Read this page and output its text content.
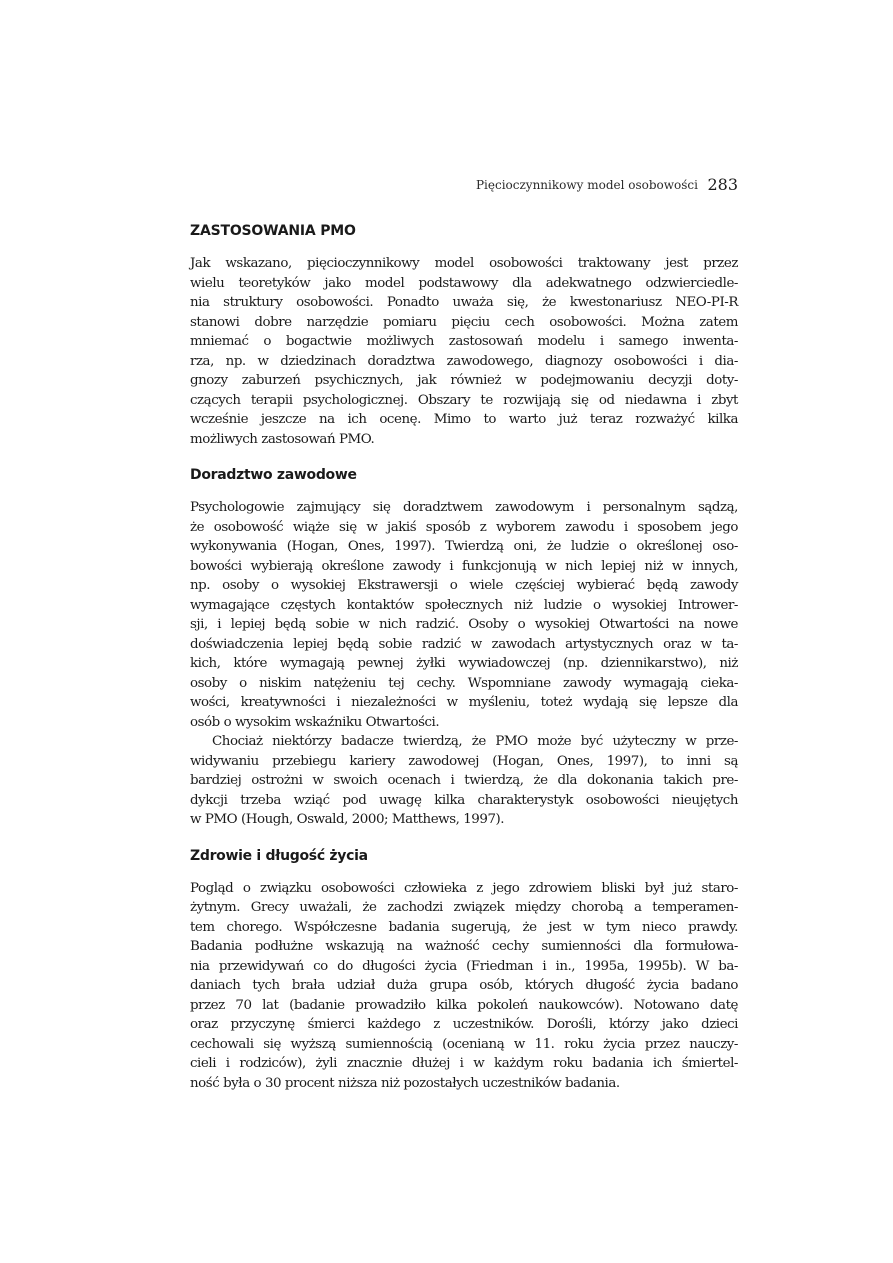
Pięcioczynnikowy model osobowości 283
ZASTOSOWANIA PMO
Jak wskazano, pięcioczynnikowy model osobowości traktowany jest przez
wielu teoretyków jako model podstawowy dla adekwatnego odzwierciedle-
nia struktury osobowości. Ponadto uważa się, że kwestonariusz NEO-PI-R
stanowi dobre narzędzie pomiaru pięciu cech osobowości. Można zatem
mniemać o bogactwie możliwych zastosowań modelu i samego inwenta-
rza, np. w dziedzinach doradztwa zawodowego, diagnozy osobowości i dia-
gnozy zaburzeń psychicznych, jak również w podejmowaniu decyzji doty-
czących terapii psychologicznej. Obszary te rozwijają się od niedawna i zbyt
wcześnie jeszcze na ich ocenę. Mimo to warto już teraz rozważyć kilka
możliwych zastosowań PMO.
Doradztwo zawodowe
Psychologowie zajmujący się doradztwem zawodowym i personalnym sądzą,
że osobowość wiąże się w jakiś sposób z wyborem zawodu i sposobem jego
wykonywania (Hogan, Ones, 1997). Twierdzą oni, że ludzie o określonej oso-
bowości wybierają określone zawody i funkcjonują w nich lepiej niż w innych,
np. osoby o wysokiej Ekstrawersji o wiele częściej wybierać będą zawody
wymagające częstych kontaktów społecznych niż ludzie o wysokiej Intrower-
sji, i lepiej będą sobie w nich radzić. Osoby o wysokiej Otwartości na nowe
doświadczenia lepiej będą sobie radzić w zawodach artystycznych oraz w ta-
kich, które wymagają pewnej żyłki wywiadowczej (np. dziennikarstwo), niż
osoby o niskim natężeniu tej cechy. Wspomniane zawody wymagają cieka-
wości, kreatywności i niezależności w myśleniu, toteż wydają się lepsze dla
osób o wysokim wskaźniku Otwartości.
Chociaż niektórzy badacze twierdzą, że PMO może być użyteczny w prze-
widywaniu przebiegu kariery zawodowej (Hogan, Ones, 1997), to inni są
bardziej ostrożni w swoich ocenach i twierdzą, że dla dokonania takich pre-
dykcji trzeba wziąć pod uwagę kilka charakterystyk osobowości nieujętych
w PMO (Hough, Oswald, 2000; Matthews, 1997).
Zdrowie i długość życia
Pogląd o związku osobowości człowieka z jego zdrowiem bliski był już staro-
żytnym. Grecy uważali, że zachodzi związek między chorobą a temperamen-
tem chorego. Współczesne badania sugerują, że jest w tym nieco prawdy.
Badania podłużne wskazują na ważność cechy sumienności dla formułowa-
nia przewidywań co do długości życia (Friedman i in., 1995a, 1995b). W ba-
daniach tych brała udział duża grupa osób, których długość życia badano
przez 70 lat (badanie prowadziło kilka pokoleń naukowców). Notowano datę
oraz przyczynę śmierci każdego z uczestników. Dorośli, którzy jako dzieci
cechowali się wyższą sumiennością (ocenianą w 11. roku życia przez nauczy-
cieli i rodziców), żyli znacznie dłużej i w każdym roku badania ich śmiertel-
ność była o 30 procent niższa niż pozostałych uczestników badania.
